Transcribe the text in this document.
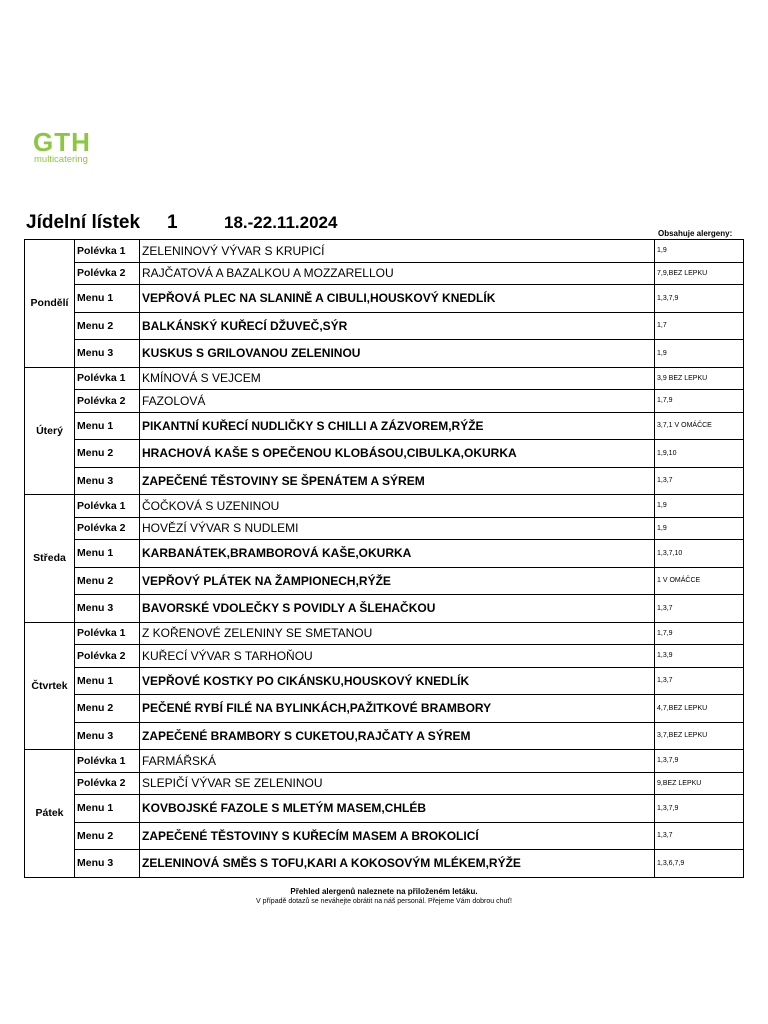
GTH
multicatering
Jídelní lístek 1	18.-22.11.2024
Obsahuje alergeny:
Pondělí	Polévka 1	ZELENINOVÝ VÝVAR S KRUPICÍ	1,9
	Polévka 2	RAJČATOVÁ A BAZALKOU A MOZZARELLOU	7,9,BEZ LEPKU
	Menu 1	VEPŘOVÁ PLEC NA SLANINĚ A CIBULI,HOUSKOVÝ KNEDLÍK	1,3,7,9
	Menu 2	BALKÁNSKÝ KUŘECÍ DŽUVEČ,SÝR	1,7
	Menu 3	KUSKUS S GRILOVANOU ZELENINOU	1,9
Úterý	Polévka 1	KMÍNOVÁ S VEJCEM	3,9 BEZ LEPKU
	Polévka 2	FAZOLOVÁ	1,7,9
	Menu 1	PIKANTNÍ KUŘECÍ NUDLIČKY S CHILLI A ZÁZVOREM,RÝŽE	3,7,1 V OMÁČCE
	Menu 2	HRACHOVÁ KAŠE S OPEČENOU KLOBÁSOU,CIBULKA,OKURKA	1,9,10
	Menu 3	ZAPEČENÉ TĚSTOVINY SE ŠPENÁTEM A SÝREM	1,3,7
Středa	Polévka 1	ČOČKOVÁ S UZENINOU	1,9
	Polévka 2	HOVĚZÍ VÝVAR S NUDLEMI	1,9
	Menu 1	KARBANÁTEK,BRAMBOROVÁ KAŠE,OKURKA	1,3,7,10
	Menu 2	VEPŘOVÝ PLÁTEK NA ŽAMPIONECH,RÝŽE	1 V OMÁČCE
	Menu 3	BAVORSKÉ VDOLEČKY S POVIDLY A ŠLEHAČKOU	1,3,7
Čtvrtek	Polévka 1	Z KOŘENOVÉ ZELENINY SE SMETANOU	1,7,9
	Polévka 2	KUŘECÍ VÝVAR S TARHOŇOU	1,3,9
	Menu 1	VEPŘOVÉ KOSTKY PO CIKÁNSKU,HOUSKOVÝ KNEDLÍK	1,3,7
	Menu 2	PEČENÉ RYBÍ FILÉ NA BYLINKÁCH,PAŽITKOVÉ BRAMBORY	4,7,BEZ LEPKU
	Menu 3	ZAPEČENÉ BRAMBORY S CUKETOU,RAJČATY A SÝREM	3,7,BEZ LEPKU
Pátek	Polévka 1	FARMÁŘSKÁ	1,3,7,9
	Polévka 2	SLEPIČÍ VÝVAR SE ZELENINOU	9,BEZ LEPKU
	Menu 1	KOVBOJSKÉ FAZOLE S MLETÝM MASEM,CHLÉB	1,3,7,9
	Menu 2	ZAPEČENÉ TĚSTOVINY S KUŘECÍM MASEM A BROKOLICÍ	1,3,7
	Menu 3	ZELENINOVÁ SMĚS S TOFU,KARI A KOKOSOVÝM MLÉKEM,RÝŽE	1,3,6,7,9
Přehled alergenů naleznete na přiloženém letáku.
V případě dotazů se neváhejte obrátit na náš personál. Přejeme Vám dobrou chuť!
